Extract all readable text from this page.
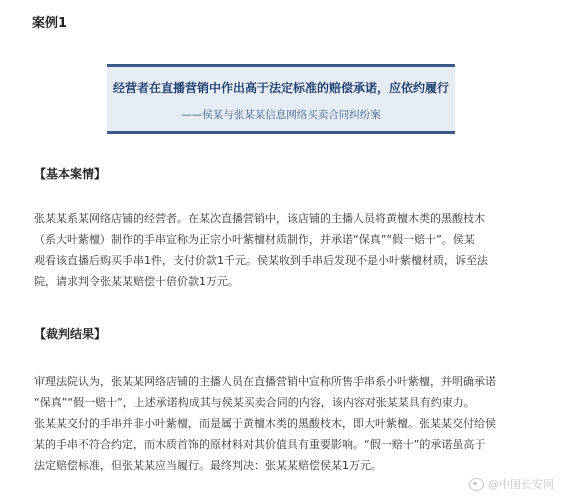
案例1
经营者在直播营销中作出高于法定标准的赔偿承诺，应依约履行
——侯某与张某某信息网络买卖合同纠纷案
【基本案情】
张某某系某网络店铺的经营者。在某次直播营销中，该店铺的主播人员将黄檀木类的黑酸枝木
（系大叶紫檀）制作的手串宣称为正宗小叶紫檀材质制作，并承诺“保真”“假一赔十”。侯某
观看该直播后购买手串1件，支付价款1千元。侯某收到手串后发现不是小叶紫檀材质，诉至法
院，请求判令张某某赔偿十倍价款1万元。
【裁判结果】
审理法院认为，张某某网络店铺的主播人员在直播营销中宣称所售手串系小叶紫檀，并明确承诺
“保真”“假一赔十”，上述承诺构成其与侯某买卖合同的内容，该内容对张某某具有约束力。
张某某交付的手串并非小叶紫檀，而是属于黄檀木类的黑酸枝木，即大叶紫檀。张某某交付给侯
某的手串不符合约定，而木质首饰的原材料对其价值具有重要影响。“假一赔十”的承诺虽高于
法定赔偿标准，但张某某应当履行。最终判决：张某某赔偿侯某1万元。
@中国长安网
